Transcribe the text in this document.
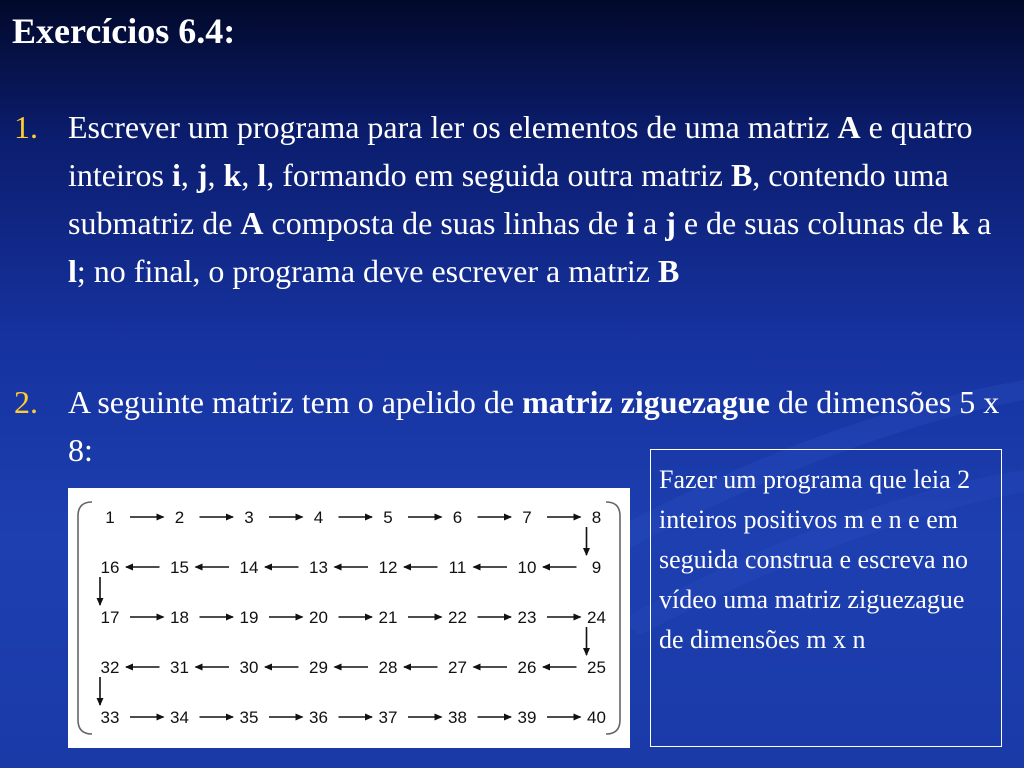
Exercícios 6.4:
1. Escrever um programa para ler os elementos de uma matriz A e quatro inteiros i, j, k, l, formando em seguida outra matriz B, contendo uma submatriz de A composta de suas linhas de i a j e de suas colunas de k a l; no final, o programa deve escrever a matriz B
2. A seguinte matriz tem o apelido de matriz ziguezague de dimensões 5 x 8:
1	2	3	4	5	6	7	8
16	15	14	13	12	11	10	9
17	18	19	20	21	22	23	24
32	31	30	29	28	27	26	25
33	34	35	36	37	38	39	40
Fazer um programa que leia 2 inteiros positivos m e n e em seguida construa e escreva no vídeo uma matriz ziguezague de dimensões m x n
